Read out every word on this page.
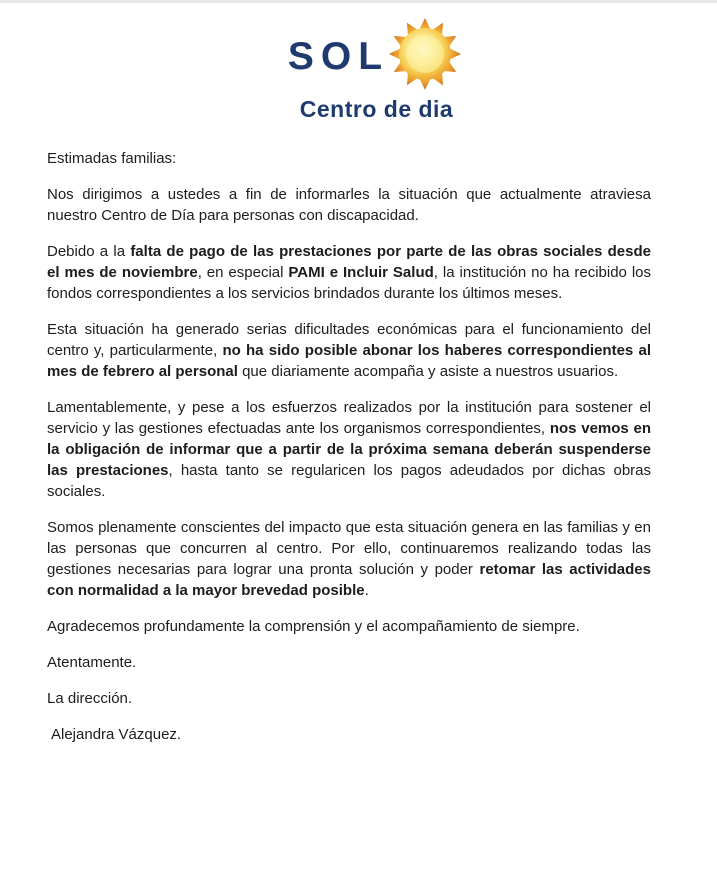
SOL
Centro de dia

Estimadas familias:

Nos dirigimos a ustedes a fin de informarles la situación que actualmente atraviesa nuestro Centro de Día para personas con discapacidad.

Debido a la falta de pago de las prestaciones por parte de las obras sociales desde el mes de noviembre, en especial PAMI e Incluir Salud, la institución no ha recibido los fondos correspondientes a los servicios brindados durante los últimos meses.

Esta situación ha generado serias dificultades económicas para el funcionamiento del centro y, particularmente, no ha sido posible abonar los haberes correspondientes al mes de febrero al personal que diariamente acompaña y asiste a nuestros usuarios.

Lamentablemente, y pese a los esfuerzos realizados por la institución para sostener el servicio y las gestiones efectuadas ante los organismos correspondientes, nos vemos en la obligación de informar que a partir de la próxima semana deberán suspenderse las prestaciones, hasta tanto se regularicen los pagos adeudados por dichas obras sociales.

Somos plenamente conscientes del impacto que esta situación genera en las familias y en las personas que concurren al centro. Por ello, continuaremos realizando todas las gestiones necesarias para lograr una pronta solución y poder retomar las actividades con normalidad a la mayor brevedad posible.

Agradecemos profundamente la comprensión y el acompañamiento de siempre.

Atentamente.

La dirección.

Alejandra Vázquez.
